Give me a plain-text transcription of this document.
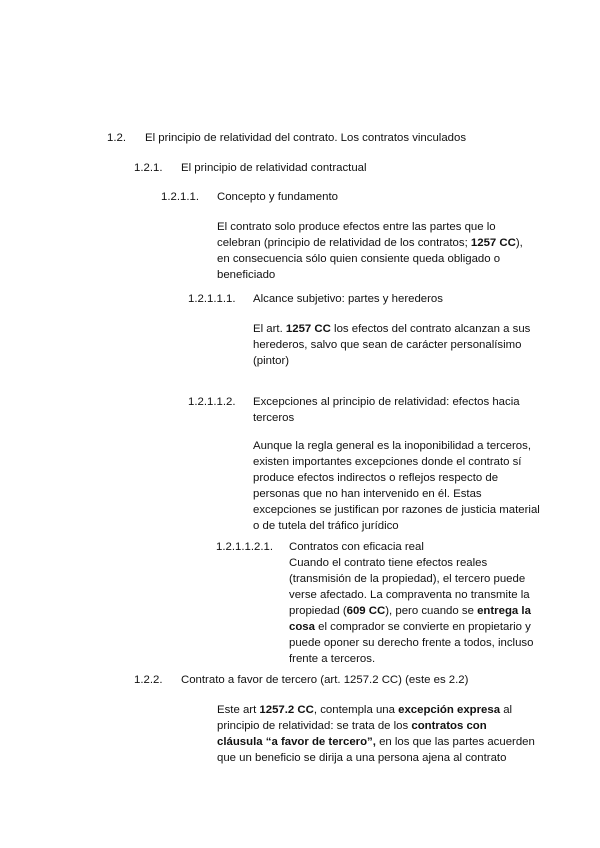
1.2. El principio de relatividad del contrato. Los contratos vinculados
1.2.1. El principio de relatividad contractual
1.2.1.1. Concepto y fundamento
El contrato solo produce efectos entre las partes que lo celebran (principio de relatividad de los contratos; 1257 CC), en consecuencia sólo quien consiente queda obligado o beneficiado
1.2.1.1.1. Alcance subjetivo: partes y herederos
El art. 1257 CC los efectos del contrato alcanzan a sus herederos, salvo que sean de carácter personalísimo (pintor)
1.2.1.1.2. Excepciones al principio de relatividad: efectos hacia terceros
Aunque la regla general es la inoponibilidad a terceros, existen importantes excepciones donde el contrato sí produce efectos indirectos o reflejos respecto de personas que no han intervenido en él. Estas excepciones se justifican por razones de justicia material o de tutela del tráfico jurídico
1.2.1.1.2.1. Contratos con eficacia real
Cuando el contrato tiene efectos reales (transmisión de la propiedad), el tercero puede verse afectado. La compraventa no transmite la propiedad (609 CC), pero cuando se entrega la cosa el comprador se convierte en propietario y puede oponer su derecho frente a todos, incluso frente a terceros.
1.2.2. Contrato a favor de tercero (art. 1257.2 CC) (este es 2.2)
Este art 1257.2 CC, contempla una excepción expresa al principio de relatividad: se trata de los contratos con cláusula “a favor de tercero”, en los que las partes acuerden que un beneficio se dirija a una persona ajena al contrato
